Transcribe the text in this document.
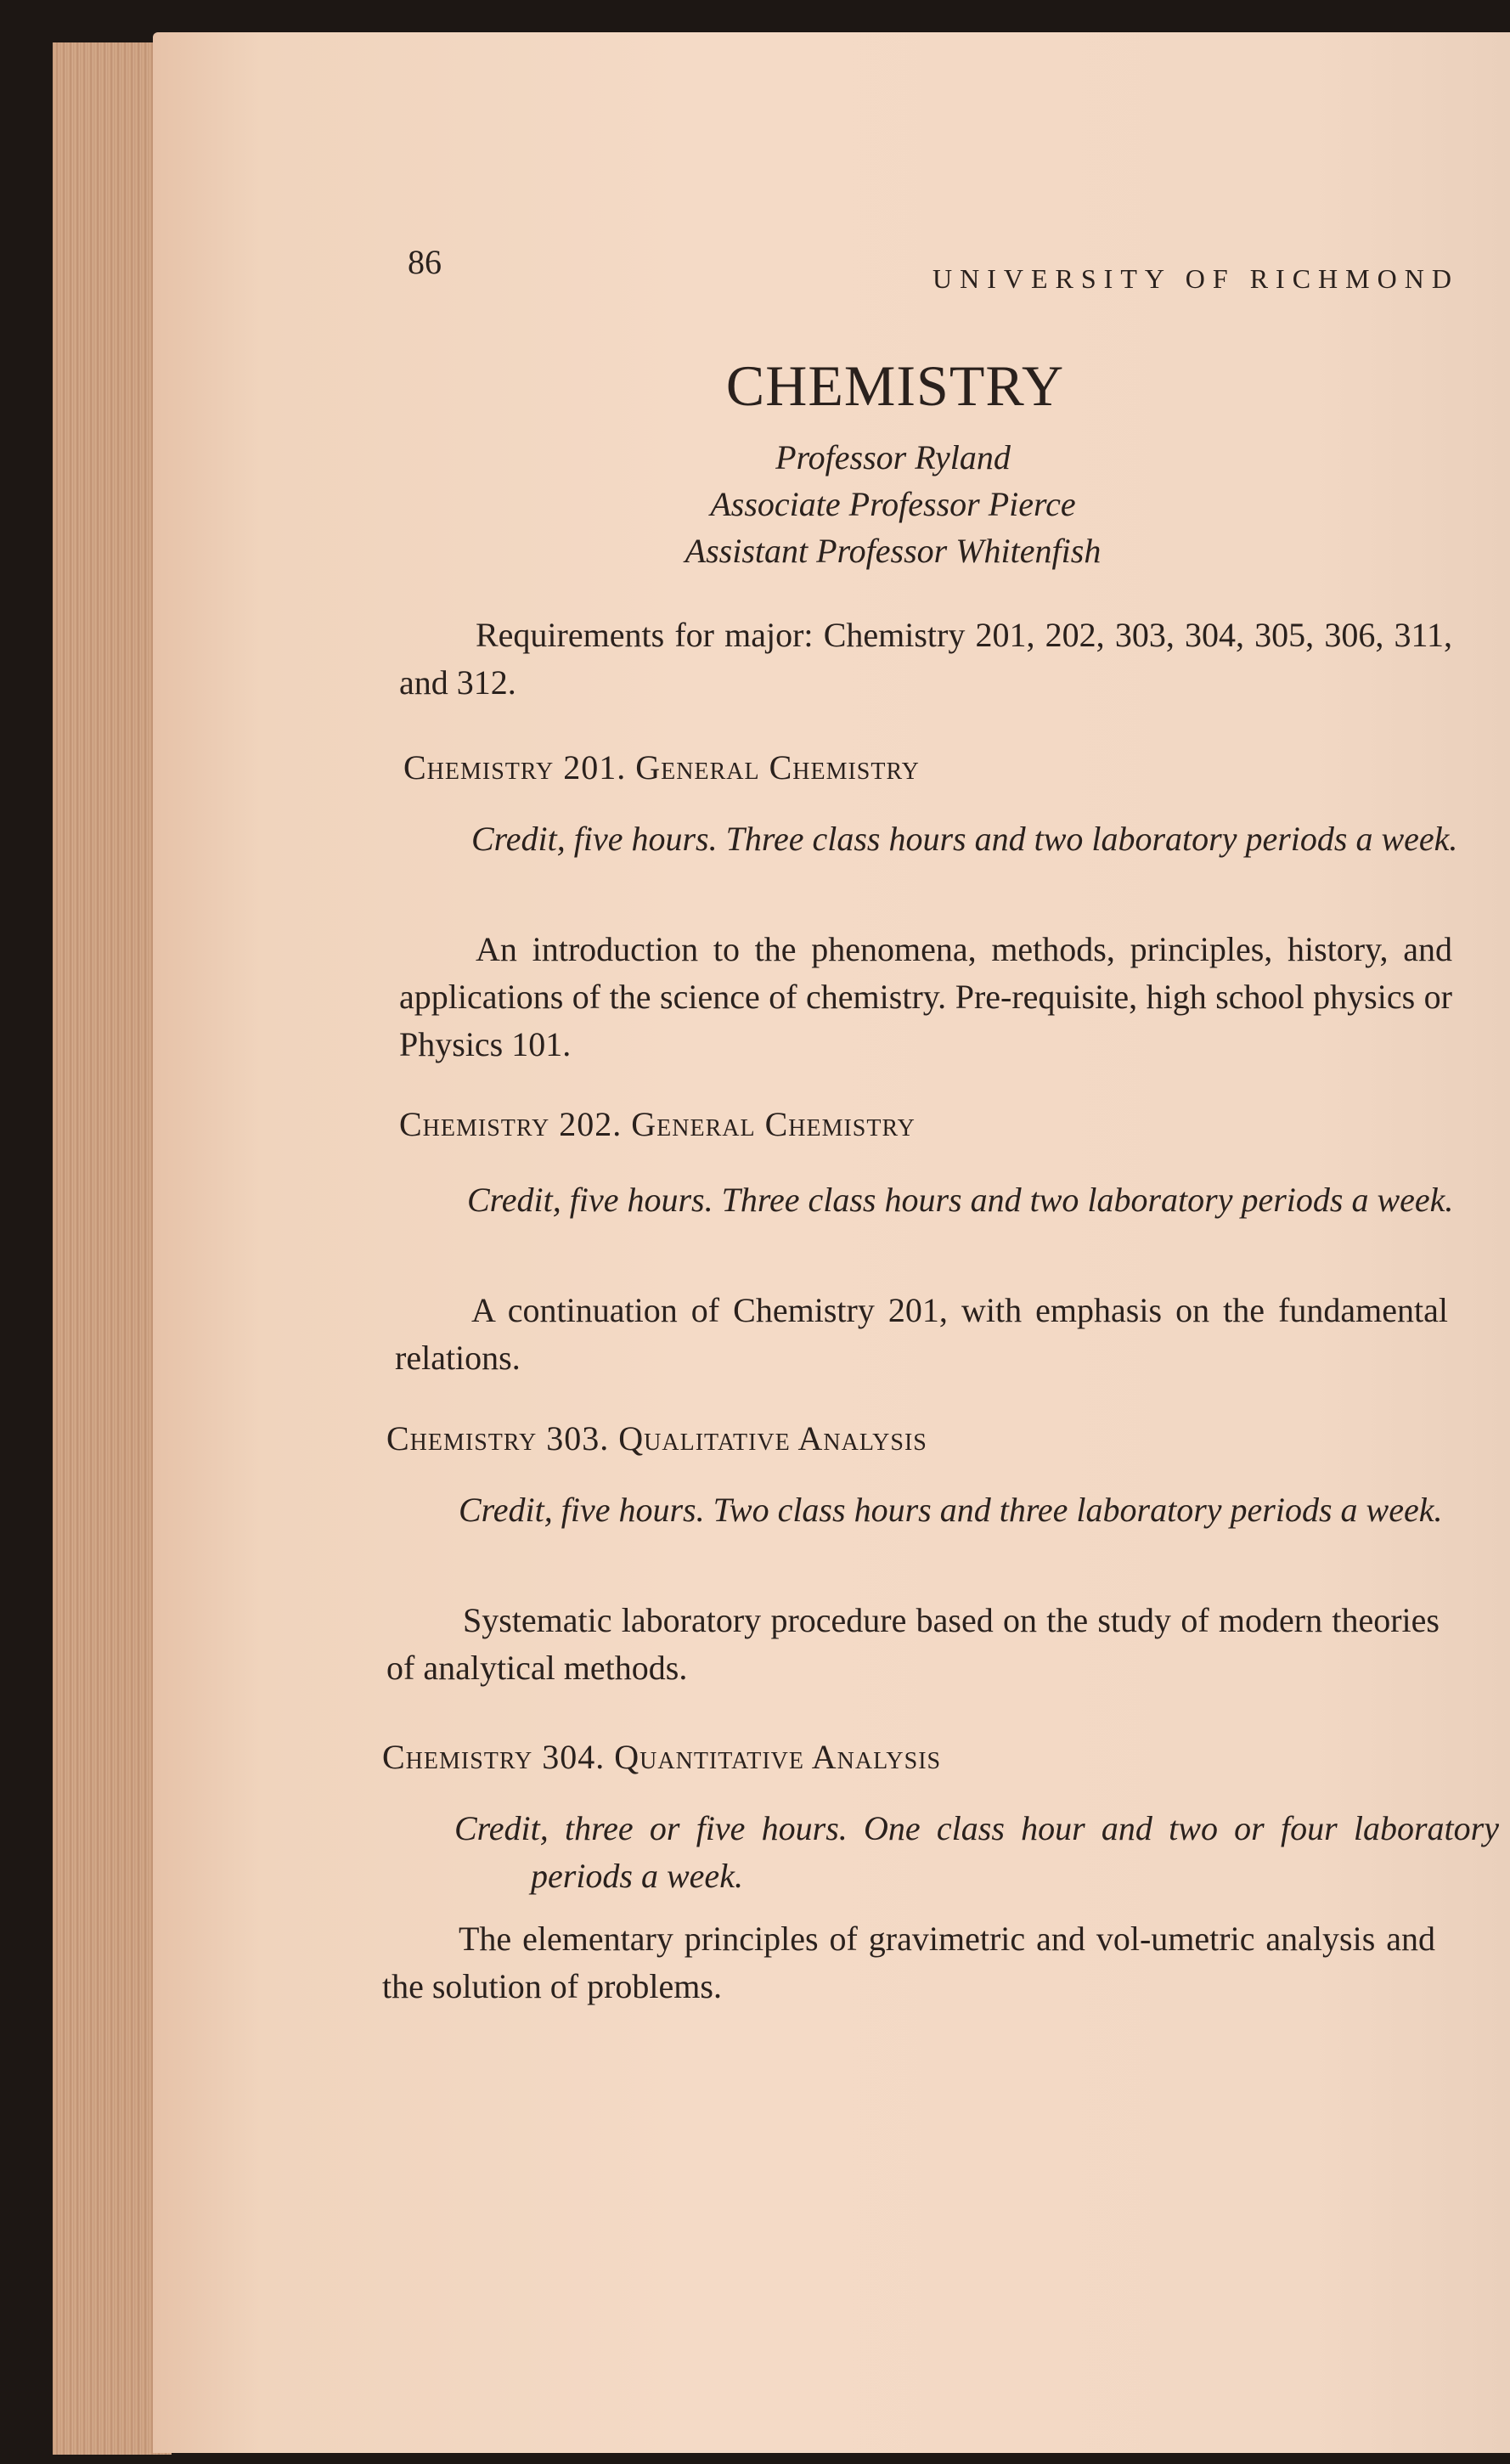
86	UNIVERSITY OF RICHMOND
CHEMISTRY
Professor Ryland
Associate Professor Pierce
Assistant Professor Whitenfish
Requirements for major: Chemistry 201, 202, 303, 304, 305, 306, 311, and 312.
Chemistry 201. General Chemistry
Credit, five hours. Three class hours and two laboratory periods a week.
An introduction to the phenomena, methods, principles, history, and applications of the science of chemistry. Pre-requisite, high school physics or Physics 101.
Chemistry 202. General Chemistry
Credit, five hours. Three class hours and two laboratory periods a week.
A continuation of Chemistry 201, with emphasis on the fundamental relations.
Chemistry 303. Qualitative Analysis
Credit, five hours. Two class hours and three laboratory periods a week.
Systematic laboratory procedure based on the study of modern theories of analytical methods.
Chemistry 304. Quantitative Analysis
Credit, three or five hours. One class hour and two or four laboratory periods a week.
The elementary principles of gravimetric and vol-umetric analysis and the solution of problems.
